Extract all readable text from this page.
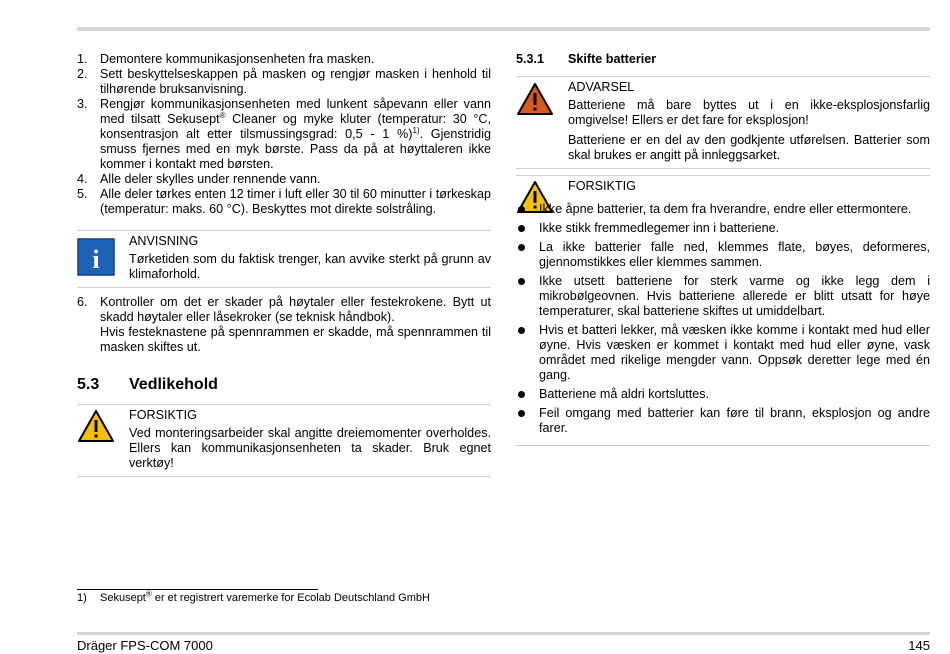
1. Demontere kommunikasjonsenheten fra masken.
2. Sett beskyttelseskappen på masken og rengjør masken i henhold til tilhørende bruksanvisning.
3. Rengjør kommunikasjonsenheten med lunkent såpevann eller vann med tilsatt Sekusept® Cleaner og myke kluter (temperatur: 30 °C, konsentrasjon alt etter tilsmussingsgrad: 0,5 - 1 %)$^{1)}$. Gjenstridig smuss fjernes med en myk børste. Pass da på at høyttaleren ikke kommer i kontakt med børsten.
4. Alle deler skylles under rennende vann.
5. Alle deler tørkes enten 12 timer i luft eller 30 til 60 minutter i tørkeskap (temperatur: maks. 60 °C). Beskyttes mot direkte solstråling.
i
ANVISNING

Tørketiden som du faktisk trenger, kan avvike sterkt på grunn av klimaforhold.

6. Kontroller om det er skader på høytaler eller festekrokene. Bytt ut skadd høytaler eller låsekroker (se teknisk håndbok).
Hvis festeknastene på spennrammen er skadde, må spennrammen til masken skiftes ut.
5.3	Vedlikehold
FORSIKTIG

Ved monteringsarbeider skal angitte dreiemomenter overholdes. Ellers kan kommunikasjonsenheten ta skader. Bruk egnet verktøy!

5.3.1	Skifte batterier
ADVARSEL

Batteriene må bare byttes ut i en ikke-eksplosjonsfarlig omgivelse! Ellers er det fare for eksplosjon!

Batteriene er en del av den godkjente utførelsen. Batterier som skal brukes er angitt på innleggsarket.

FORSIKTIG
Ikke åpne batterier, ta dem fra hverandre, endre eller ettermontere.
Ikke stikk fremmedlegemer inn i batteriene.
La ikke batterier falle ned, klemmes flate, bøyes, deformeres, gjennomstikkes eller klemmes sammen.
Ikke utsett batteriene for sterk varme og ikke legg dem i mikrobølgeovnen. Hvis batteriene allerede er blitt utsatt for høye temperaturer, skal batteriene skiftes ut umiddelbart.
Hvis et batteri lekker, må væsken ikke komme i kontakt med hud eller øyne. Hvis væsken er kommet i kontakt med hud eller øyne, vask området med rikelige mengder vann. Oppsøk deretter lege med én gang.
Batteriene må aldri kortsluttes.
Feil omgang med batterier kan føre til brann, eksplosjon og andre farer.
1)	Sekusept® er et registrert varemerke for Ecolab Deutschland GmbH
Dräger FPS-COM 7000	145
